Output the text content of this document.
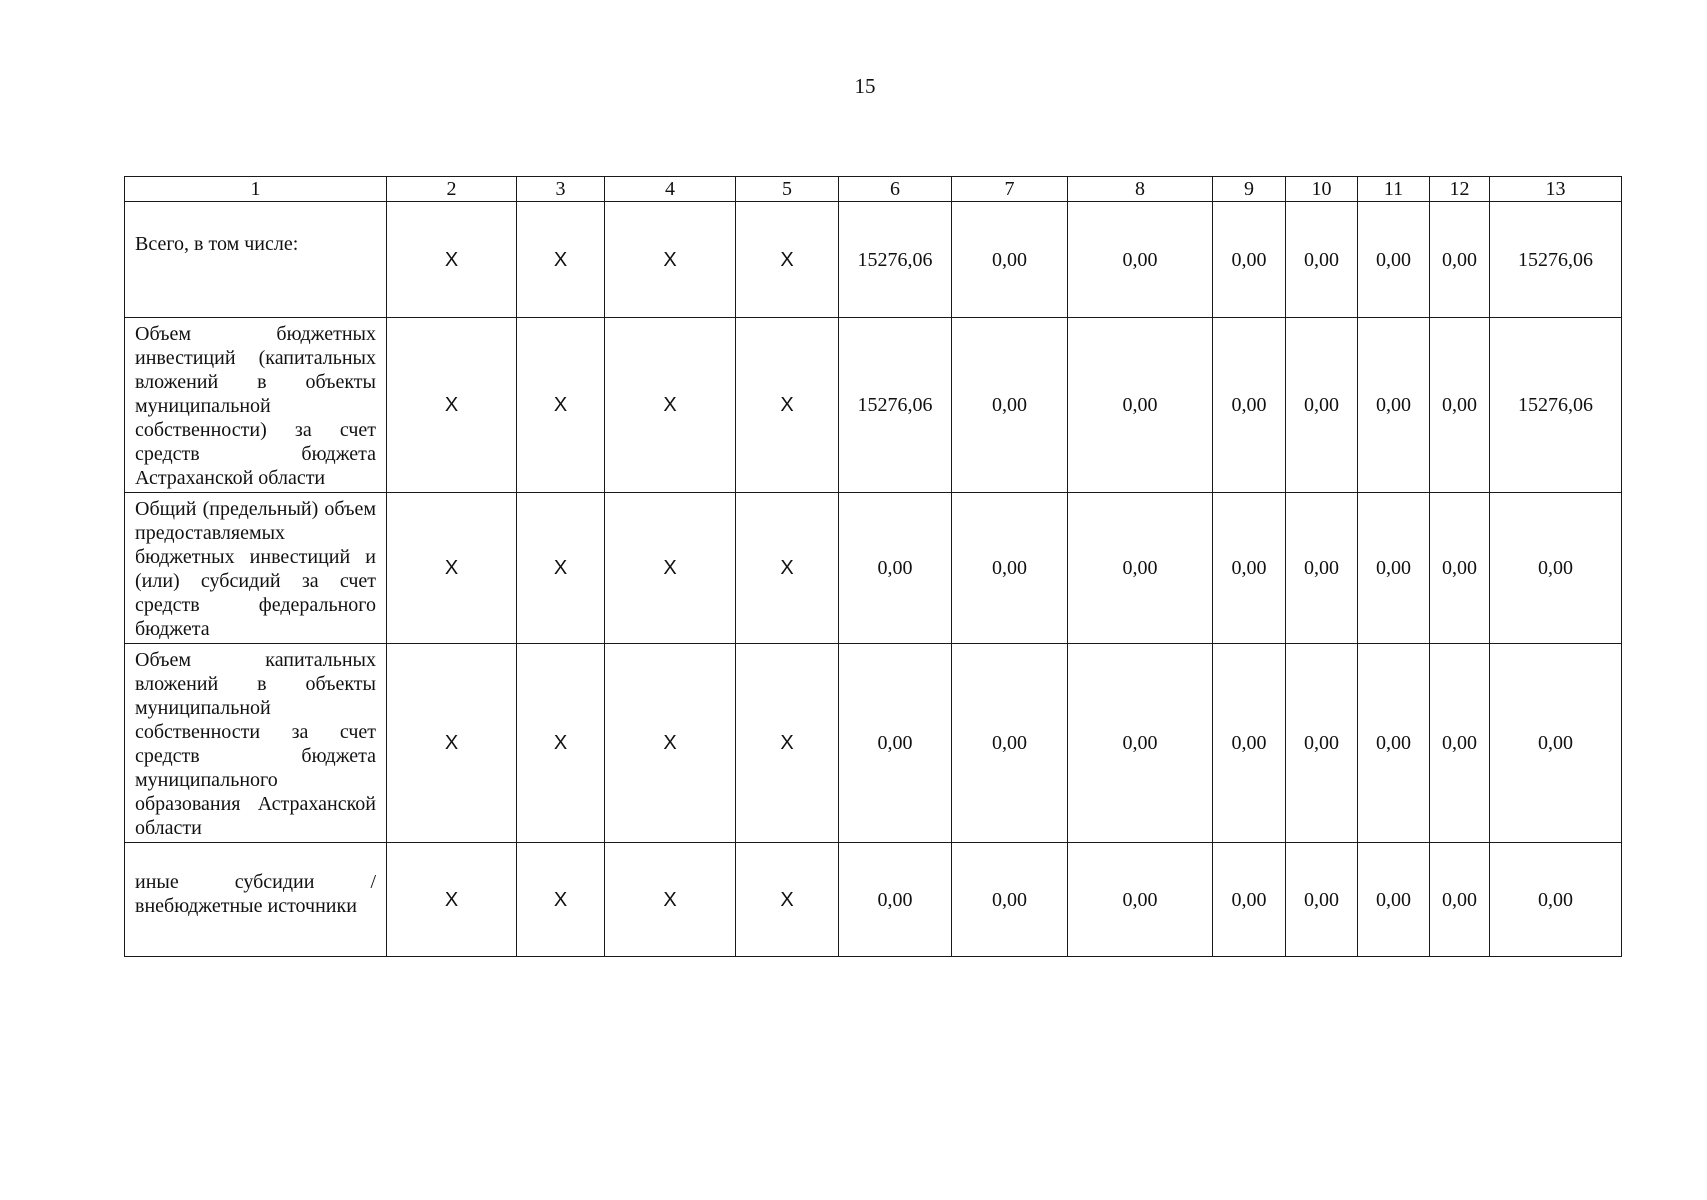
15
1	2	3	4	5	6	7	8	9	10	11	12	13
Всего, в том числе:	X	X	X	X	15276,06	0,00	0,00	0,00	0,00	0,00	0,00	15276,06
Объем бюджетных инвестиций (капитальных вложений в объекты муниципальной собственности) за счет средств бюджета Астраханской области	X	X	X	X	15276,06	0,00	0,00	0,00	0,00	0,00	0,00	15276,06
Общий (предельный) объем предоставляемых бюджетных инвестиций и (или) субсидий за счет средств федерального бюджета	X	X	X	X	0,00	0,00	0,00	0,00	0,00	0,00	0,00	0,00
Объем капитальных вложений в объекты муниципальной собственности за счет средств бюджета муниципального образования Астраханской области	X	X	X	X	0,00	0,00	0,00	0,00	0,00	0,00	0,00	0,00
иные субсидии / внебюджетные источники	X	X	X	X	0,00	0,00	0,00	0,00	0,00	0,00	0,00	0,00
